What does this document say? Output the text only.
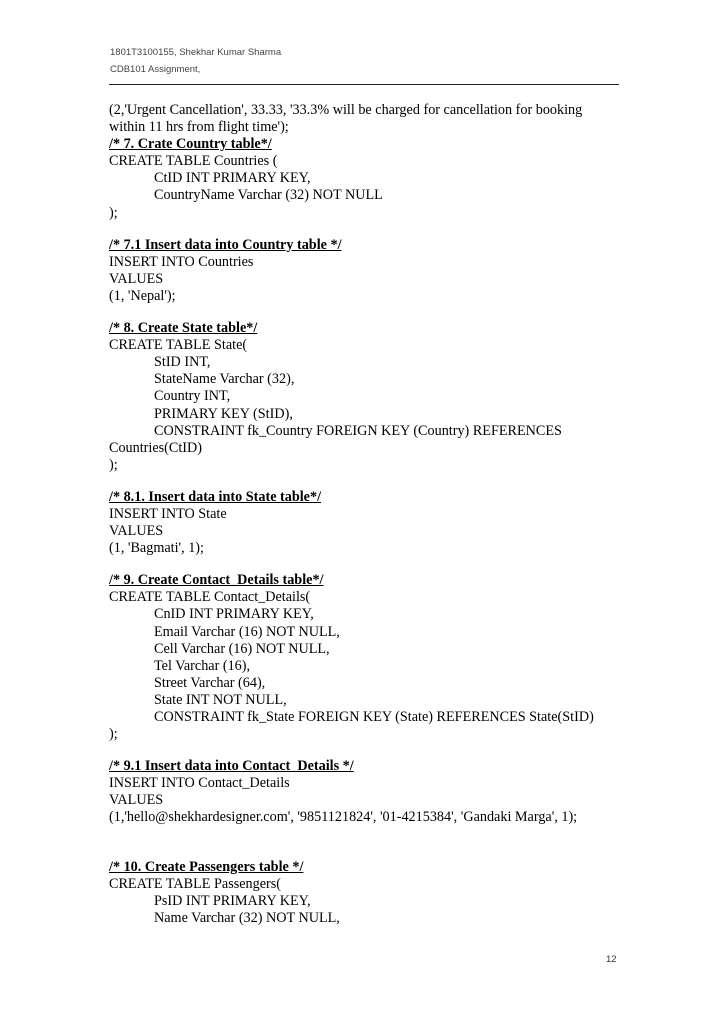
1801T3100155, Shekhar Kumar Sharma
CDB101 Assignment,
(2,'Urgent Cancellation', 33.33, '33.3% will be charged for cancellation for booking
within 11 hrs from flight time');
/* 7. Crate Country table*/
CREATE TABLE Countries (
CtID INT PRIMARY KEY,
CountryName Varchar (32) NOT NULL
);
/* 7.1 Insert data into Country table */
INSERT INTO Countries
VALUES
(1, 'Nepal');
/* 8. Create State table*/
CREATE TABLE State(
StID INT,
StateName Varchar (32),
Country INT,
PRIMARY KEY (StID),
CONSTRAINT fk_Country FOREIGN KEY (Country) REFERENCES
Countries(CtID)
);
/* 8.1. Insert data into State table*/
INSERT INTO State
VALUES
(1, 'Bagmati', 1);
/* 9. Create Contact_Details table*/
CREATE TABLE Contact_Details(
CnID INT PRIMARY KEY,
Email Varchar (16) NOT NULL,
Cell Varchar (16) NOT NULL,
Tel Varchar (16),
Street Varchar (64),
State INT NOT NULL,
CONSTRAINT fk_State FOREIGN KEY (State) REFERENCES State(StID)
);
/* 9.1 Insert data into Contact_Details */
INSERT INTO Contact_Details
VALUES
(1,'hello@shekhardesigner.com', '9851121824', '01-4215384', 'Gandaki Marga', 1);
/* 10. Create Passengers table */
CREATE TABLE Passengers(
PsID INT PRIMARY KEY,
Name Varchar (32) NOT NULL,
12
